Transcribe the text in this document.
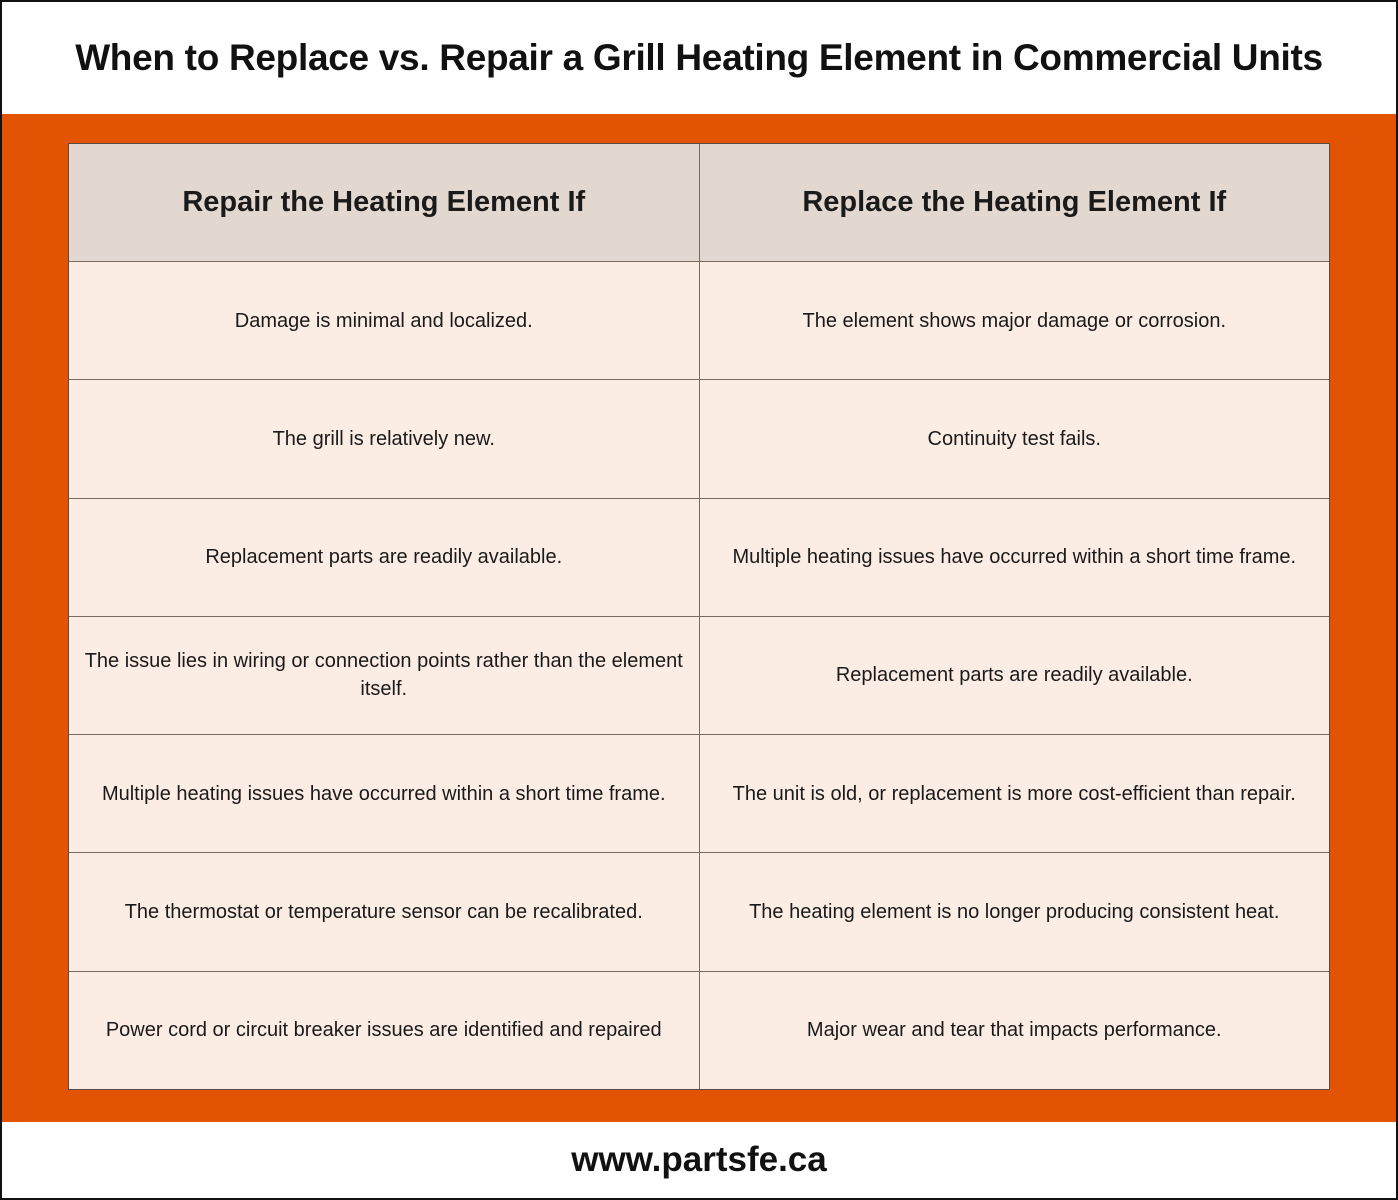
When to Replace vs. Repair a Grill Heating Element in Commercial Units
Repair the Heating Element If	Replace the Heating Element If
Damage is minimal and localized.	The element shows major damage or corrosion.
The grill is relatively new.	Continuity test fails.
Replacement parts are readily available.	Multiple heating issues have occurred within a short time frame.
The issue lies in wiring or connection points rather than the element itself.	Replacement parts are readily available.
Multiple heating issues have occurred within a short time frame.	The unit is old, or replacement is more cost-efficient than repair.
The thermostat or temperature sensor can be recalibrated.	The heating element is no longer producing consistent heat.
Power cord or circuit breaker issues are identified and repaired	Major wear and tear that impacts performance.
www.partsfe.ca
